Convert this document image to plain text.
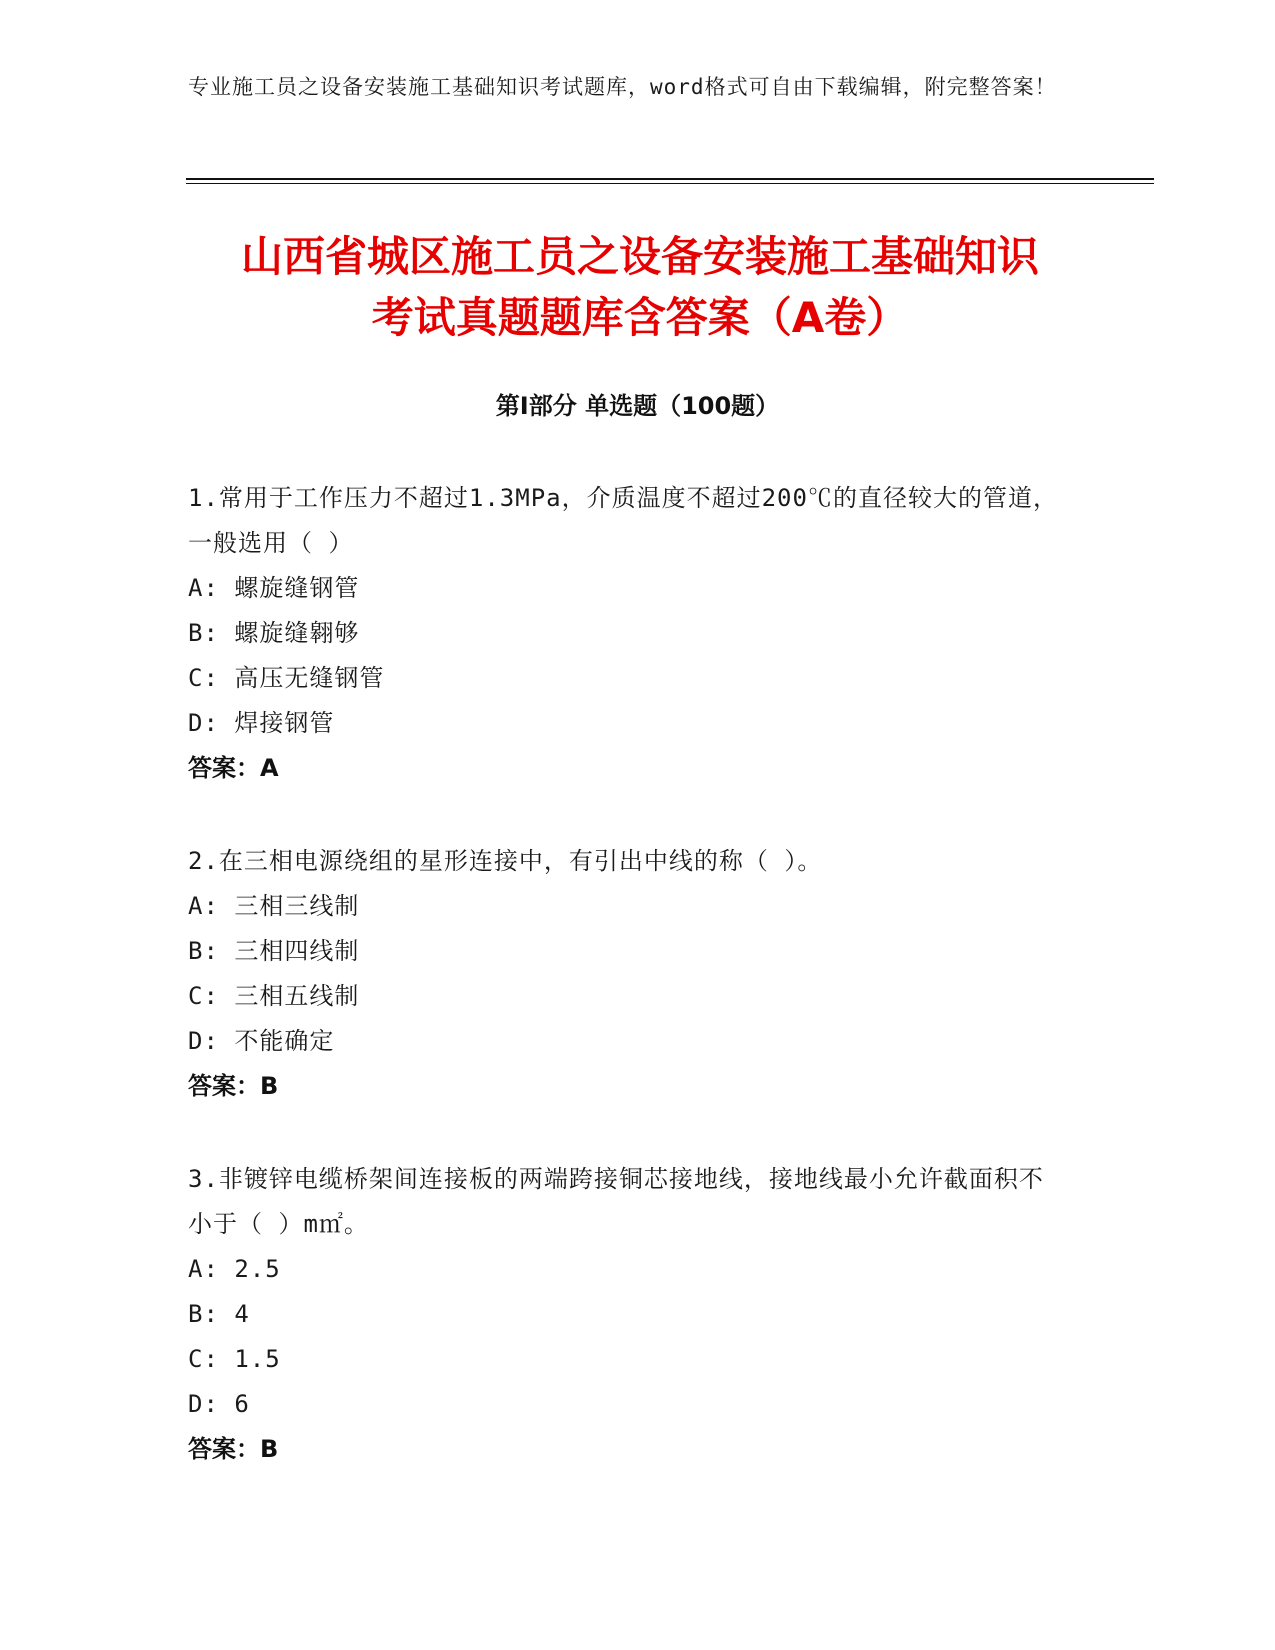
专业施工员之设备安装施工基础知识考试题库，word格式可自由下载编辑，附完整答案！
山西省城区施工员之设备安装施工基础知识
考试真题题库含答案（A卷）
第Ⅰ部分 单选题（100题）
1.常用于工作压力不超过1.3MPa，介质温度不超过200℃的直径较大的管道，一般选用（ ）
A: 螺旋缝钢管
B: 螺旋缝翱够
C: 高压无缝钢管
D: 焊接钢管
答案：A
2.在三相电源绕组的星形连接中，有引出中线的称（ ）。
A: 三相三线制
B: 三相四线制
C: 三相五线制
D: 不能确定
答案：B
3.非镀锌电缆桥架间连接板的两端跨接铜芯接地线，接地线最小允许截面积不小于（ ）m㎡。
A: 2.5
B: 4
C: 1.5
D: 6
答案：B
